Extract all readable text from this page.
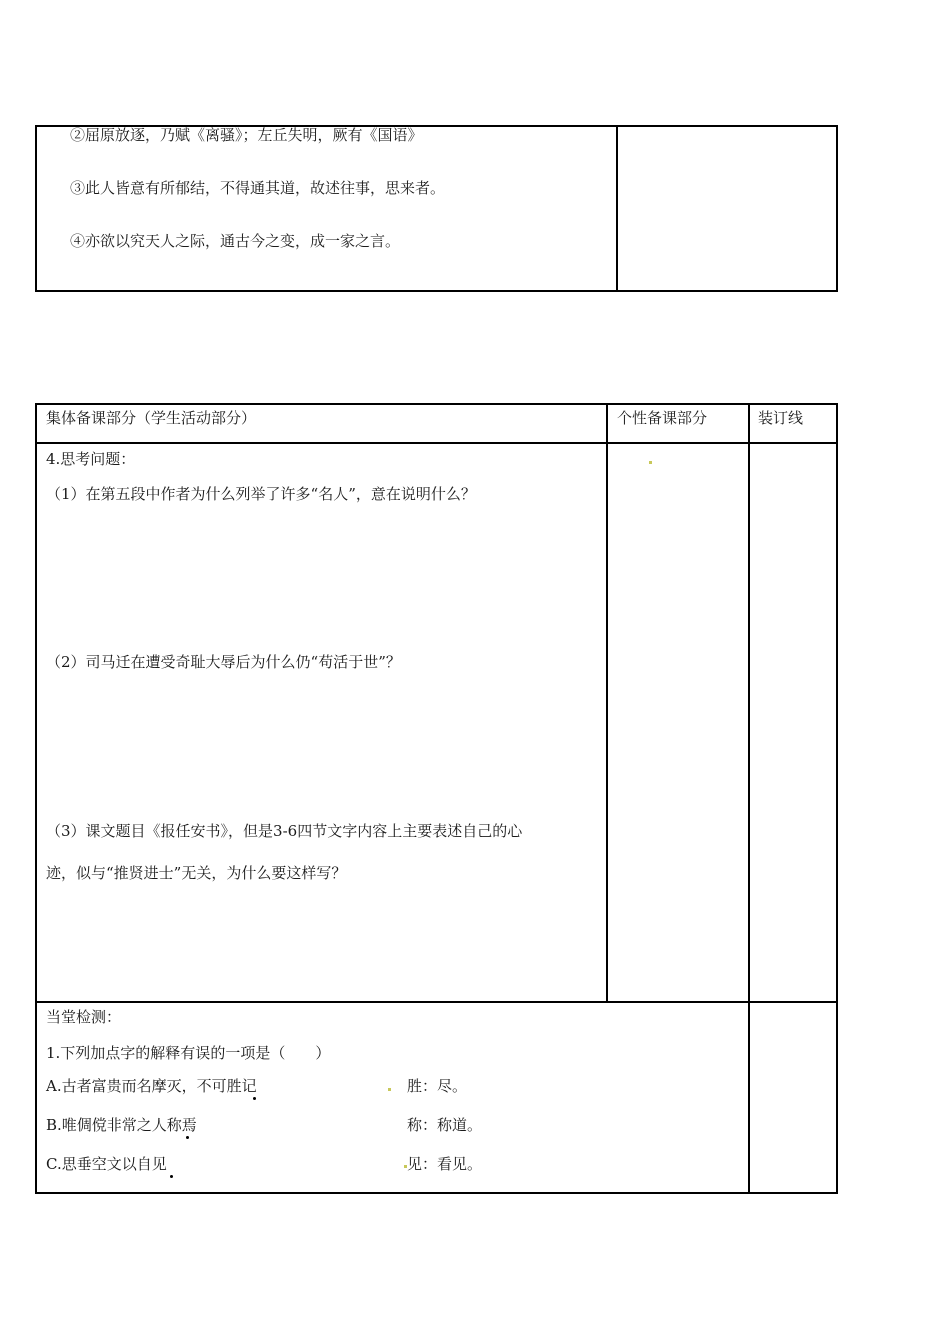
②屈原放逐，乃赋《离骚》；左丘失明，厥有《国语》
③此人皆意有所郁结，不得通其道，故述往事，思来者。
④亦欲以究天人之际，通古今之变，成一家之言。
集体备课部分（学生活动部分）	个性备课部分	装订线
4.思考问题：
（1）在第五段中作者为什么列举了许多“名人”，意在说明什么？
（2）司马迁在遭受奇耻大辱后为什么仍“苟活于世”？
（3）课文题目《报任安书》，但是3-6四节文字内容上主要表述自己的心
迹，似与“推贤进士”无关，为什么要这样写？
当堂检测：
1.下列加点字的解释有误的一项是（　　）
A.古者富贵而名摩灭，不可胜记	胜：尽。
B.唯倜傥非常之人称焉	称：称道。
C.思垂空文以自见	见：看见。
